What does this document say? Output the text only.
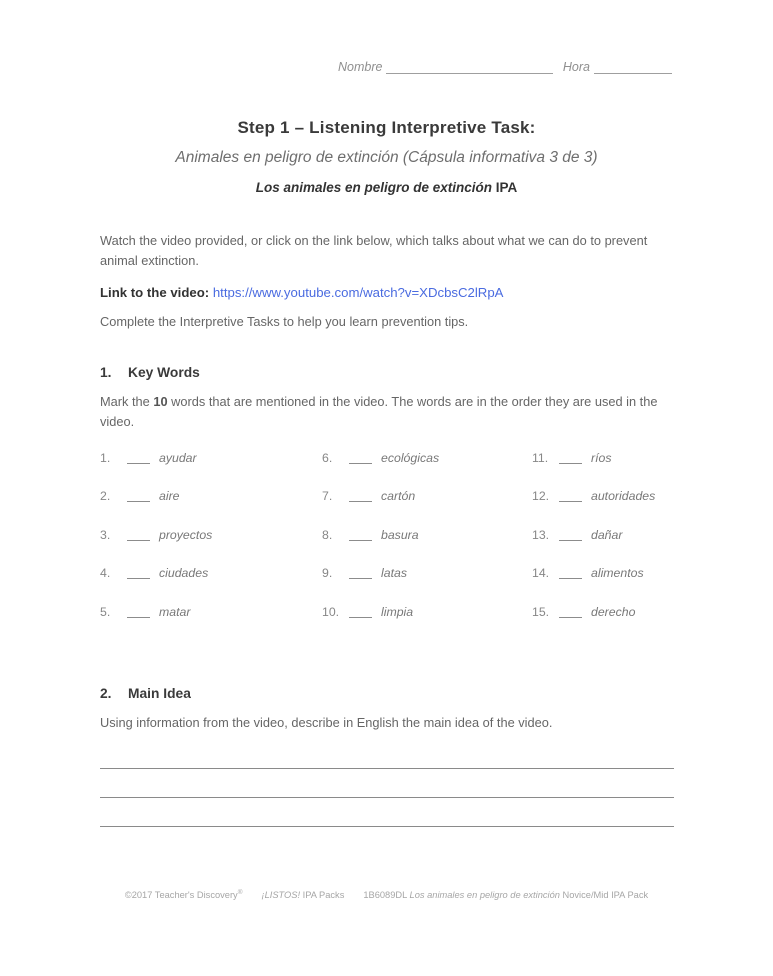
Nombre	Hora
Step 1 – Listening Interpretive Task:
Animales en peligro de extinción (Cápsula informativa 3 de 3)
Los animales en peligro de extinción IPA
Watch the video provided, or click on the link below, which talks about what we can do to prevent animal extinction.
Link to the video: https://www.youtube.com/watch?v=XDcbsC2lRpA
Complete the Interpretive Tasks to help you learn prevention tips.
1.	Key Words
Mark the 10 words that are mentioned in the video. The words are in the order they are used in the video.
1.	ayudar
2.	aire
3.	proyectos
4.	ciudades
5.	matar
6.	ecológicas
7.	cartón
8.	basura
9.	latas
10.	limpia
11.	ríos
12.	autoridades
13.	dañar
14.	alimentos
15.	derecho
2.	Main Idea
Using information from the video, describe in English the main idea of the video.
©2017 Teacher's Discovery® ¡LISTOS! IPA Packs 1B6089DL Los animales en peligro de extinción Novice/Mid IPA Pack
